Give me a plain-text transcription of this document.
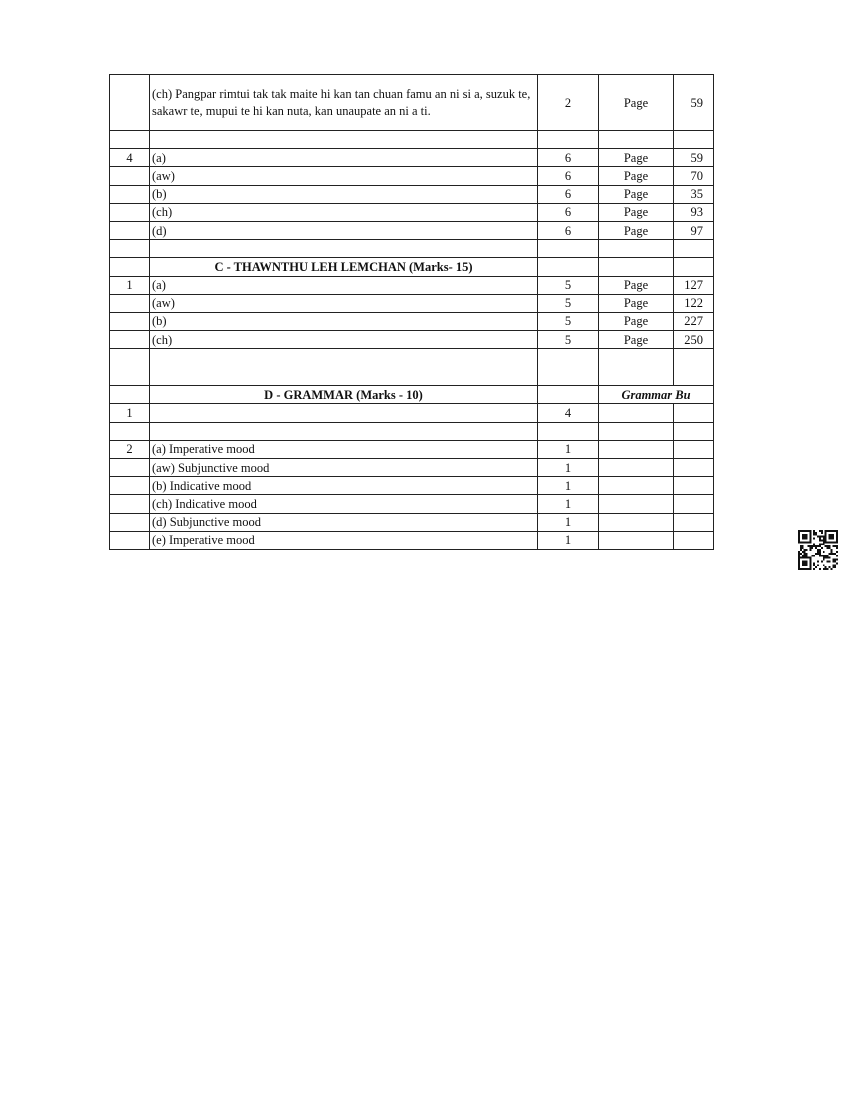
	(ch) Pangpar rimtui tak tak maite hi kan tan chuan famu an ni si a, suzuk te, sakawr te, mupui te hi kan nuta, kan unaupate an ni a ti.	2	Page	59

4	(a)	6	Page	59
	(aw)	6	Page	70
	(b)	6	Page	35
	(ch)	6	Page	93
	(d)	6	Page	97

	C - THAWNTHU LEH LEMCHAN (Marks- 15)			
1	(a)	5	Page	127
	(aw)	5	Page	122
	(b)	5	Page	227
	(ch)	5	Page	250

	D - GRAMMAR (Marks - 10)		Grammar Bu	
1		4		

2	(a) Imperative mood	1		
	(aw) Subjunctive mood	1		
	(b) Indicative mood	1		
	(ch) Indicative mood	1		
	(d) Subjunctive mood	1		
	(e) Imperative mood	1		
